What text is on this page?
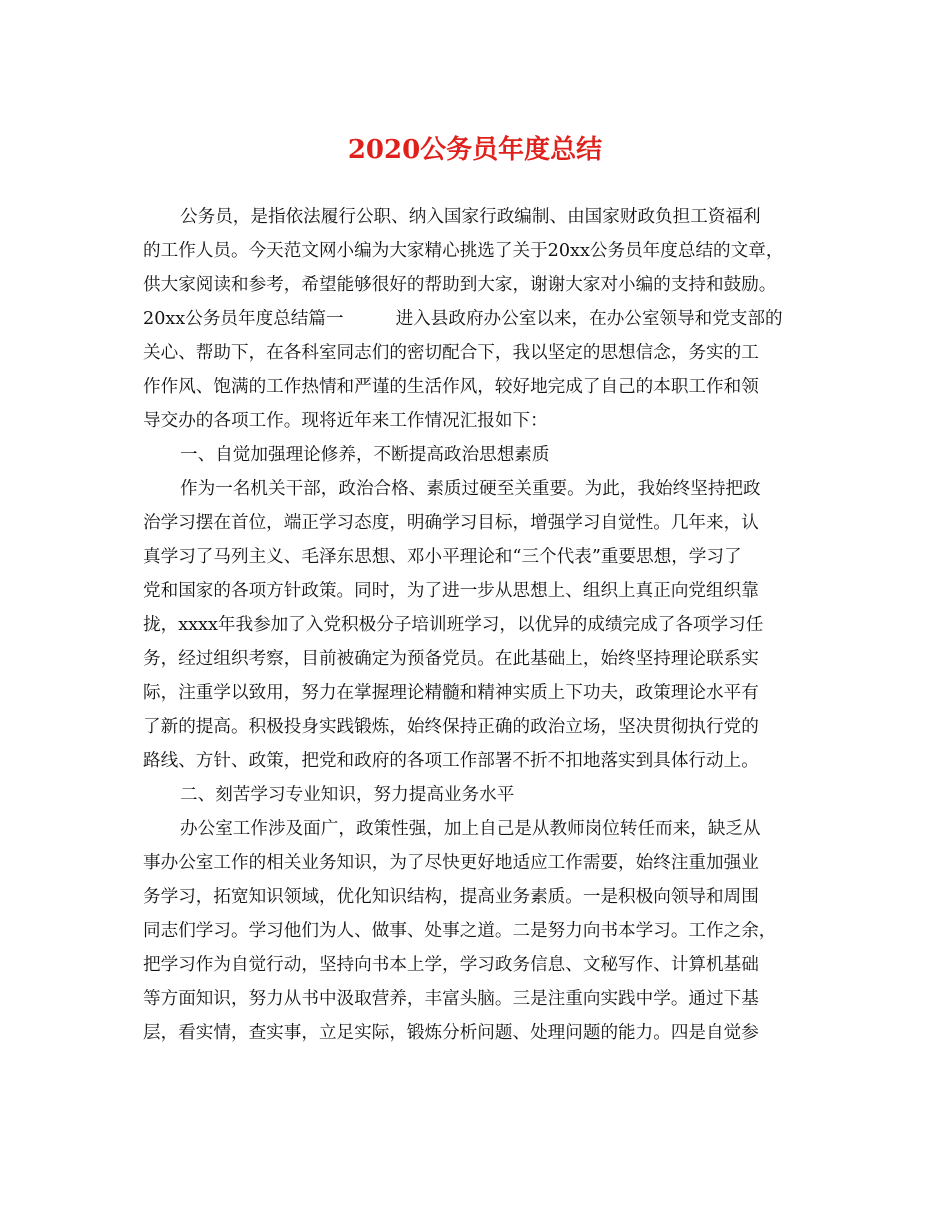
2020公务员年度总结

公务员，是指依法履行公职、纳入国家行政编制、由国家财政负担工资福利

的工作人员。今天范文网小编为大家精心挑选了关于20xx公务员年度总结的文章，

供大家阅读和参考，希望能够很好的帮助到大家，谢谢大家对小编的支持和鼓励。

20xx公务员年度总结篇一	进入县政府办公室以来，在办公室领导和党支部的

关心、帮助下，在各科室同志们的密切配合下，我以坚定的思想信念，务实的工

作作风、饱满的工作热情和严谨的生活作风，较好地完成了自己的本职工作和领

导交办的各项工作。现将近年来工作情况汇报如下：

一、自觉加强理论修养，不断提高政治思想素质

作为一名机关干部，政治合格、素质过硬至关重要。为此，我始终坚持把政

治学习摆在首位，端正学习态度，明确学习目标，增强学习自觉性。几年来，认

真学习了马列主义、毛泽东思想、邓小平理论和“三个代表”重要思想，学习了

党和国家的各项方针政策。同时，为了进一步从思想上、组织上真正向党组织靠

拢，xxxx年我参加了入党积极分子培训班学习，以优异的成绩完成了各项学习任

务，经过组织考察，目前被确定为预备党员。在此基础上，始终坚持理论联系实

际，注重学以致用，努力在掌握理论精髓和精神实质上下功夫，政策理论水平有

了新的提高。积极投身实践锻炼，始终保持正确的政治立场，坚决贯彻执行党的

路线、方针、政策，把党和政府的各项工作部署不折不扣地落实到具体行动上。

二、刻苦学习专业知识，努力提高业务水平

办公室工作涉及面广，政策性强，加上自己是从教师岗位转任而来，缺乏从

事办公室工作的相关业务知识，为了尽快更好地适应工作需要，始终注重加强业

务学习，拓宽知识领域，优化知识结构，提高业务素质。一是积极向领导和周围

同志们学习。学习他们为人、做事、处事之道。二是努力向书本学习。工作之余，

把学习作为自觉行动，坚持向书本上学，学习政务信息、文秘写作、计算机基础

等方面知识，努力从书中汲取营养，丰富头脑。三是注重向实践中学。通过下基

层，看实情，查实事，立足实际，锻炼分析问题、处理问题的能力。四是自觉参
